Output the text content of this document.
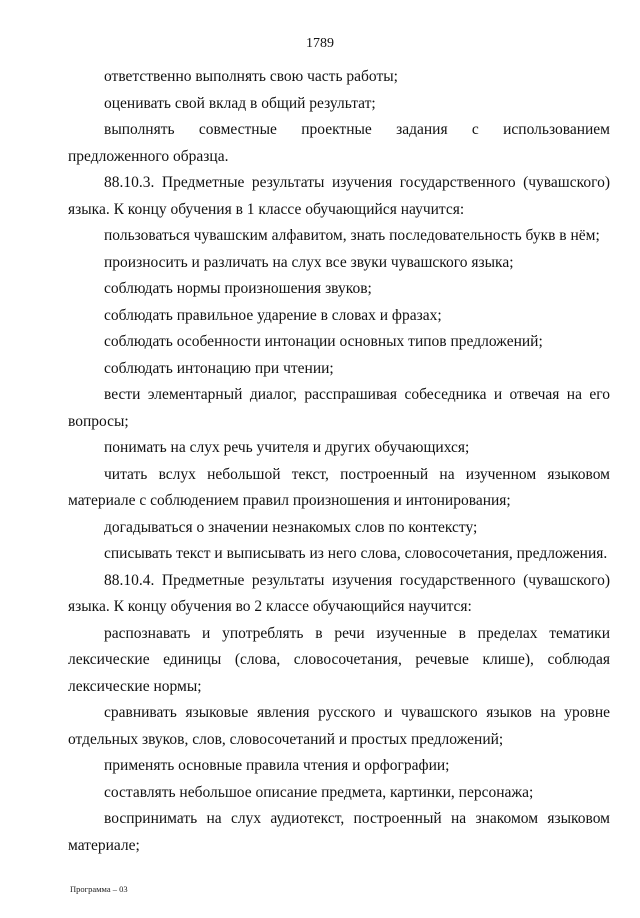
1789

ответственно выполнять свою часть работы;

оценивать свой вклад в общий результат;

выполнять совместные проектные задания с использованием предложенного образца.

88.10.3. Предметные результаты изучения государственного (чувашского) языка. К концу обучения в 1 классе обучающийся научится:

пользоваться чувашским алфавитом, знать последовательность букв в нём;

произносить и различать на слух все звуки чувашского языка;

соблюдать нормы произношения звуков;

соблюдать правильное ударение в словах и фразах;

соблюдать особенности интонации основных типов предложений;

соблюдать интонацию при чтении;

вести элементарный диалог, расспрашивая собеседника и отвечая на его вопросы;

понимать на слух речь учителя и других обучающихся;

читать вслух небольшой текст, построенный на изученном языковом материале с соблюдением правил произношения и интонирования;

догадываться о значении незнакомых слов по контексту;

списывать текст и выписывать из него слова, словосочетания, предложения.

88.10.4. Предметные результаты изучения государственного (чувашского) языка. К концу обучения во 2 классе обучающийся научится:

распознавать и употреблять в речи изученные в пределах тематики лексические единицы (слова, словосочетания, речевые клише), соблюдая лексические нормы;

сравнивать языковые явления русского и чувашского языков на уровне отдельных звуков, слов, словосочетаний и простых предложений;

применять основные правила чтения и орфографии;

составлять небольшое описание предмета, картинки, персонажа;

воспринимать на слух аудиотекст, построенный на знакомом языковом материале;

Программа – 03
